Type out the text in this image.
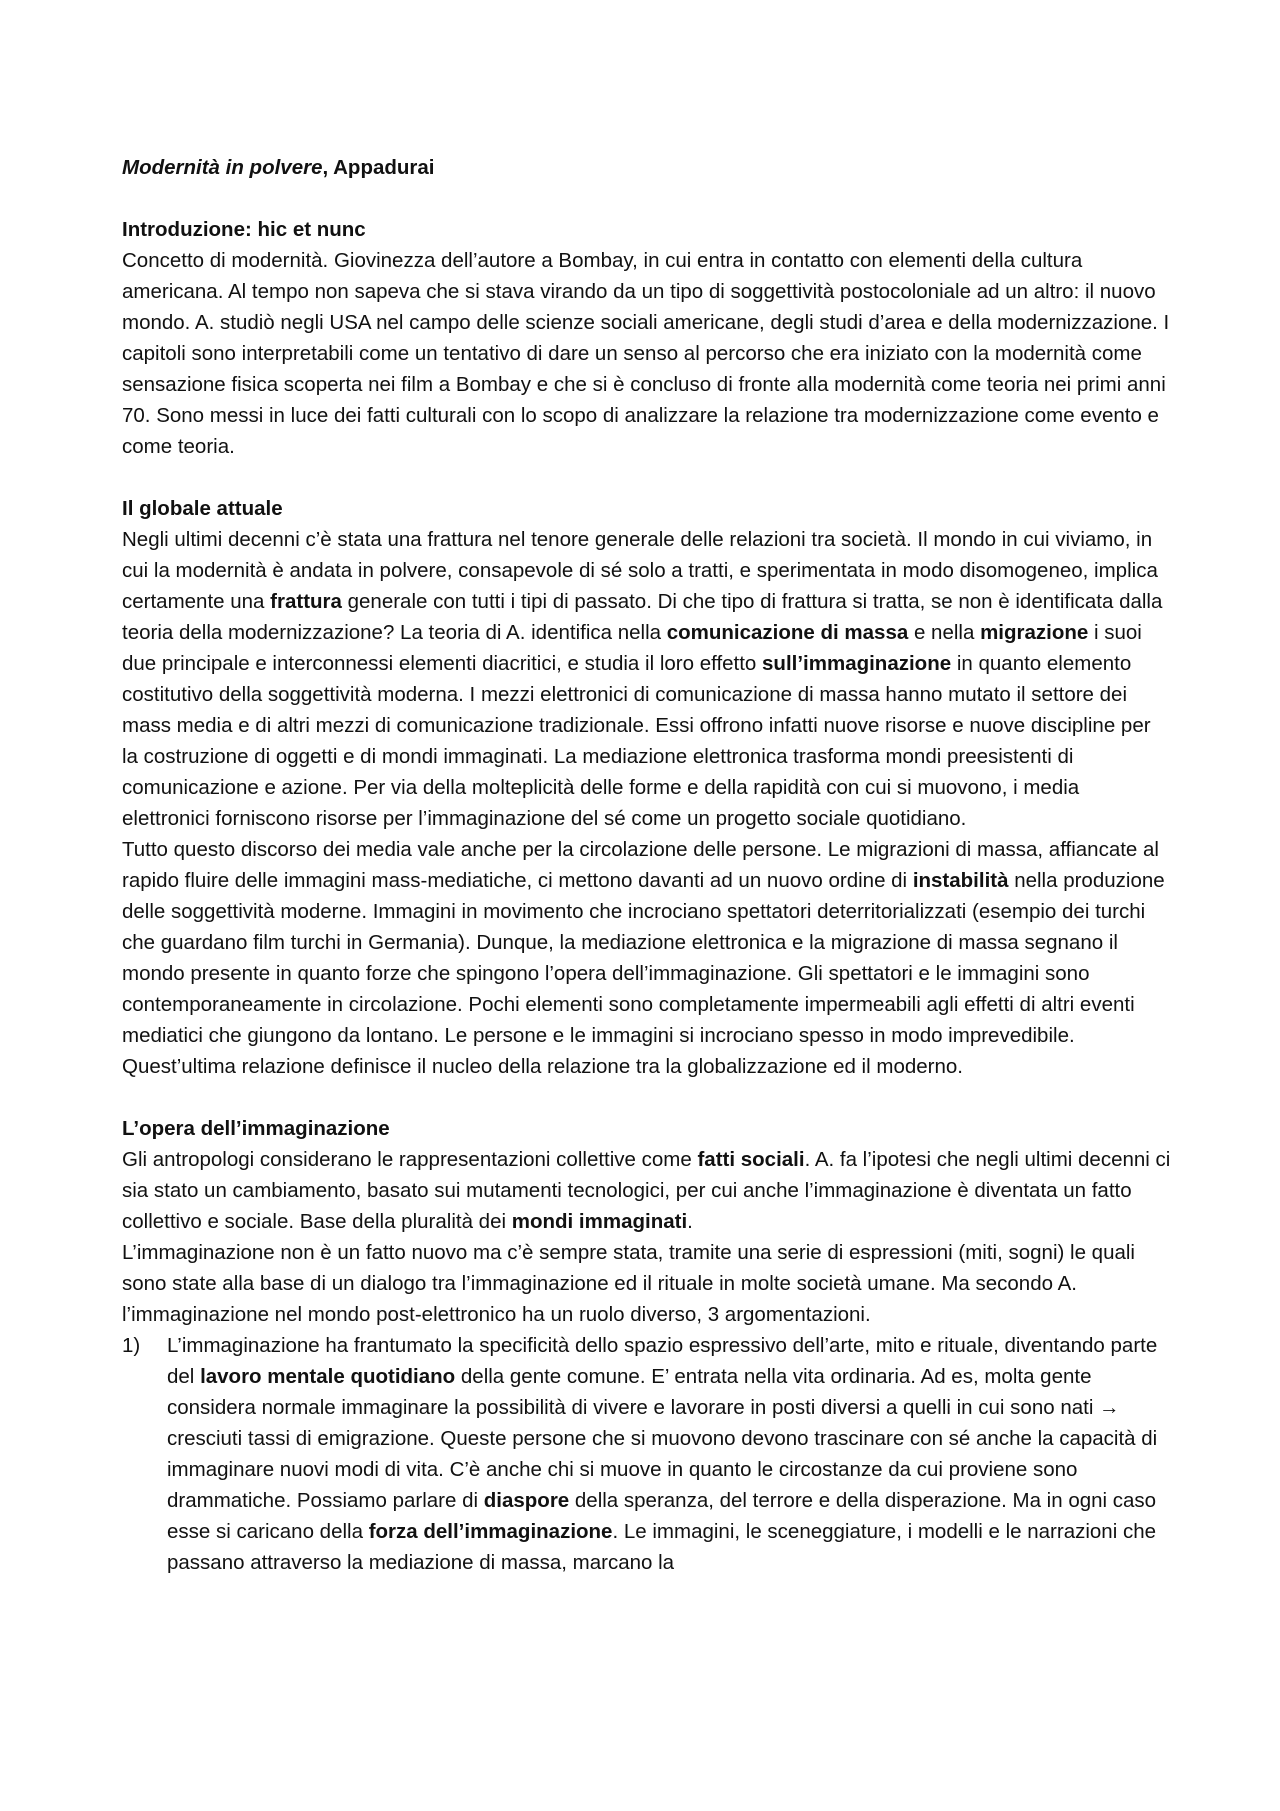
Modernità in polvere, Appadurai

Introduzione: hic et nunc

Concetto di modernità. Giovinezza dell’autore a Bombay, in cui entra in contatto con elementi della cultura americana. Al tempo non sapeva che si stava virando da un tipo di soggettività postocoloniale ad un altro: il nuovo mondo. A. studiò negli USA nel campo delle scienze sociali americane, degli studi d’area e della modernizzazione. I capitoli sono interpretabili come un tentativo di dare un senso al percorso che era iniziato con la modernità come sensazione fisica scoperta nei film a Bombay e che si è concluso di fronte alla modernità come teoria nei primi anni 70. Sono messi in luce dei fatti culturali con lo scopo di analizzare la relazione tra modernizzazione come evento e come teoria.

Il globale attuale

Negli ultimi decenni c’è stata una frattura nel tenore generale delle relazioni tra società. Il mondo in cui viviamo, in cui la modernità è andata in polvere, consapevole di sé solo a tratti, e sperimentata in modo disomogeneo, implica certamente una frattura generale con tutti i tipi di passato. Di che tipo di frattura si tratta, se non è identificata dalla teoria della modernizzazione? La teoria di A. identifica nella comunicazione di massa e nella migrazione i suoi due principale e interconnessi elementi diacritici, e studia il loro effetto sull’immaginazione in quanto elemento costitutivo della soggettività moderna. I mezzi elettronici di comunicazione di massa hanno mutato il settore dei mass media e di altri mezzi di comunicazione tradizionale. Essi offrono infatti nuove risorse e nuove discipline per la costruzione di oggetti e di mondi immaginati. La mediazione elettronica trasforma mondi preesistenti di comunicazione e azione. Per via della molteplicità delle forme e della rapidità con cui si muovono, i media elettronici forniscono risorse per l’immaginazione del sé come un progetto sociale quotidiano.

Tutto questo discorso dei media vale anche per la circolazione delle persone. Le migrazioni di massa, affiancate al rapido fluire delle immagini mass-mediatiche, ci mettono davanti ad un nuovo ordine di instabilità nella produzione delle soggettività moderne. Immagini in movimento che incrociano spettatori deterritorializzati (esempio dei turchi che guardano film turchi in Germania). Dunque, la mediazione elettronica e la migrazione di massa segnano il mondo presente in quanto forze che spingono l’opera dell’immaginazione. Gli spettatori e le immagini sono contemporaneamente in circolazione. Pochi elementi sono completamente impermeabili agli effetti di altri eventi mediatici che giungono da lontano. Le persone e le immagini si incrociano spesso in modo imprevedibile. Quest’ultima relazione definisce il nucleo della relazione tra la globalizzazione ed il moderno.

L’opera dell’immaginazione

Gli antropologi considerano le rappresentazioni collettive come fatti sociali. A. fa l’ipotesi che negli ultimi decenni ci sia stato un cambiamento, basato sui mutamenti tecnologici, per cui anche l’immaginazione è diventata un fatto collettivo e sociale. Base della pluralità dei mondi immaginati.

L’immaginazione non è un fatto nuovo ma c’è sempre stata, tramite una serie di espressioni (miti, sogni) le quali sono state alla base di un dialogo tra l’immaginazione ed il rituale in molte società umane. Ma secondo A. l’immaginazione nel mondo post-elettronico ha un ruolo diverso, 3 argomentazioni.

L’immaginazione ha frantumato la specificità dello spazio espressivo dell’arte, mito e rituale, diventando parte del lavoro mentale quotidiano della gente comune. E’ entrata nella vita ordinaria. Ad es, molta gente considera normale immaginare la possibilità di vivere e lavorare in posti diversi a quelli in cui sono nati → cresciuti tassi di emigrazione. Queste persone che si muovono devono trascinare con sé anche la capacità di immaginare nuovi modi di vita. C’è anche chi si muove in quanto le circostanze da cui proviene sono drammatiche. Possiamo parlare di diaspore della speranza, del terrore e della disperazione. Ma in ogni caso esse si caricano della forza dell’immaginazione. Le immagini, le sceneggiature, i modelli e le narrazioni che passano attraverso la mediazione di massa, marcano la
